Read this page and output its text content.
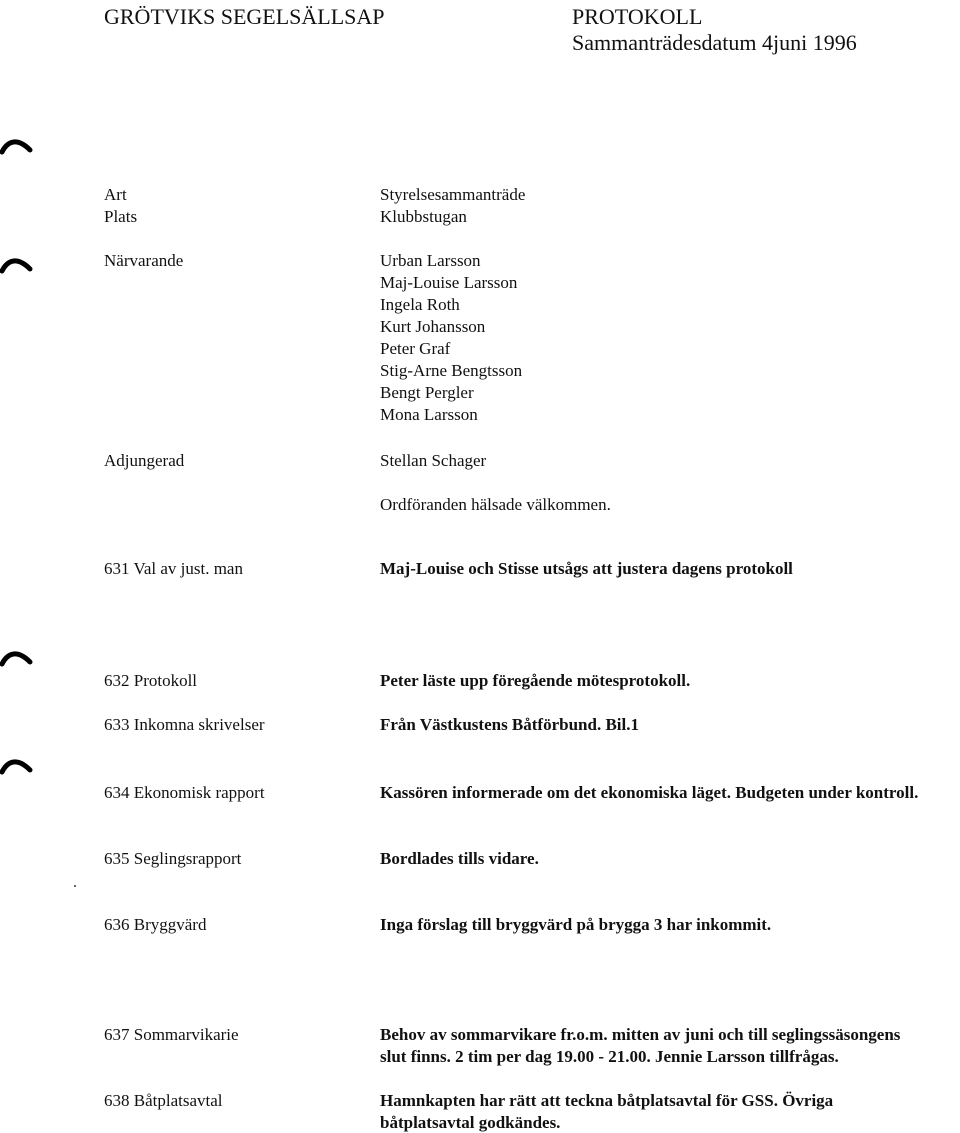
GRÖTVIKS SEGELSÄLLSAP	PROTOKOLL
Sammanträdesdatum 4juni 1996
Art	Styrelsesammanträde
Plats	Klubbstugan
Närvarande	Urban Larsson
Maj-Louise Larsson
Ingela Roth
Kurt Johansson
Peter Graf
Stig-Arne Bengtsson
Bengt Pergler
Mona Larsson
Adjungerad	Stellan Schager
Ordföranden hälsade välkommen.
631 Val av just. man	Maj-Louise och Stisse utsågs att justera dagens protokoll
632 Protokoll	Peter läste upp föregående mötesprotokoll.
633 Inkomna skrivelser	Från Västkustens Båtförbund. Bil.1
634 Ekonomisk rapport	Kassören informerade om det ekonomiska läget. Budgeten under kontroll.
635 Seglingsrapport	Bordlades tills vidare.
636 Bryggvärd	Inga förslag till bryggvärd på brygga 3 har inkommit.
637 Sommarvikarie	Behov av sommarvikare fr.o.m. mitten av juni och till seglingssäsongens
slut finns. 2 tim per dag 19.00 - 21.00. Jennie Larsson tillfrågas.
638 Båtplatsavtal	Hamnkapten har rätt att teckna båtplatsavtal för GSS. Övriga
båtplatsavtal godkändes.
